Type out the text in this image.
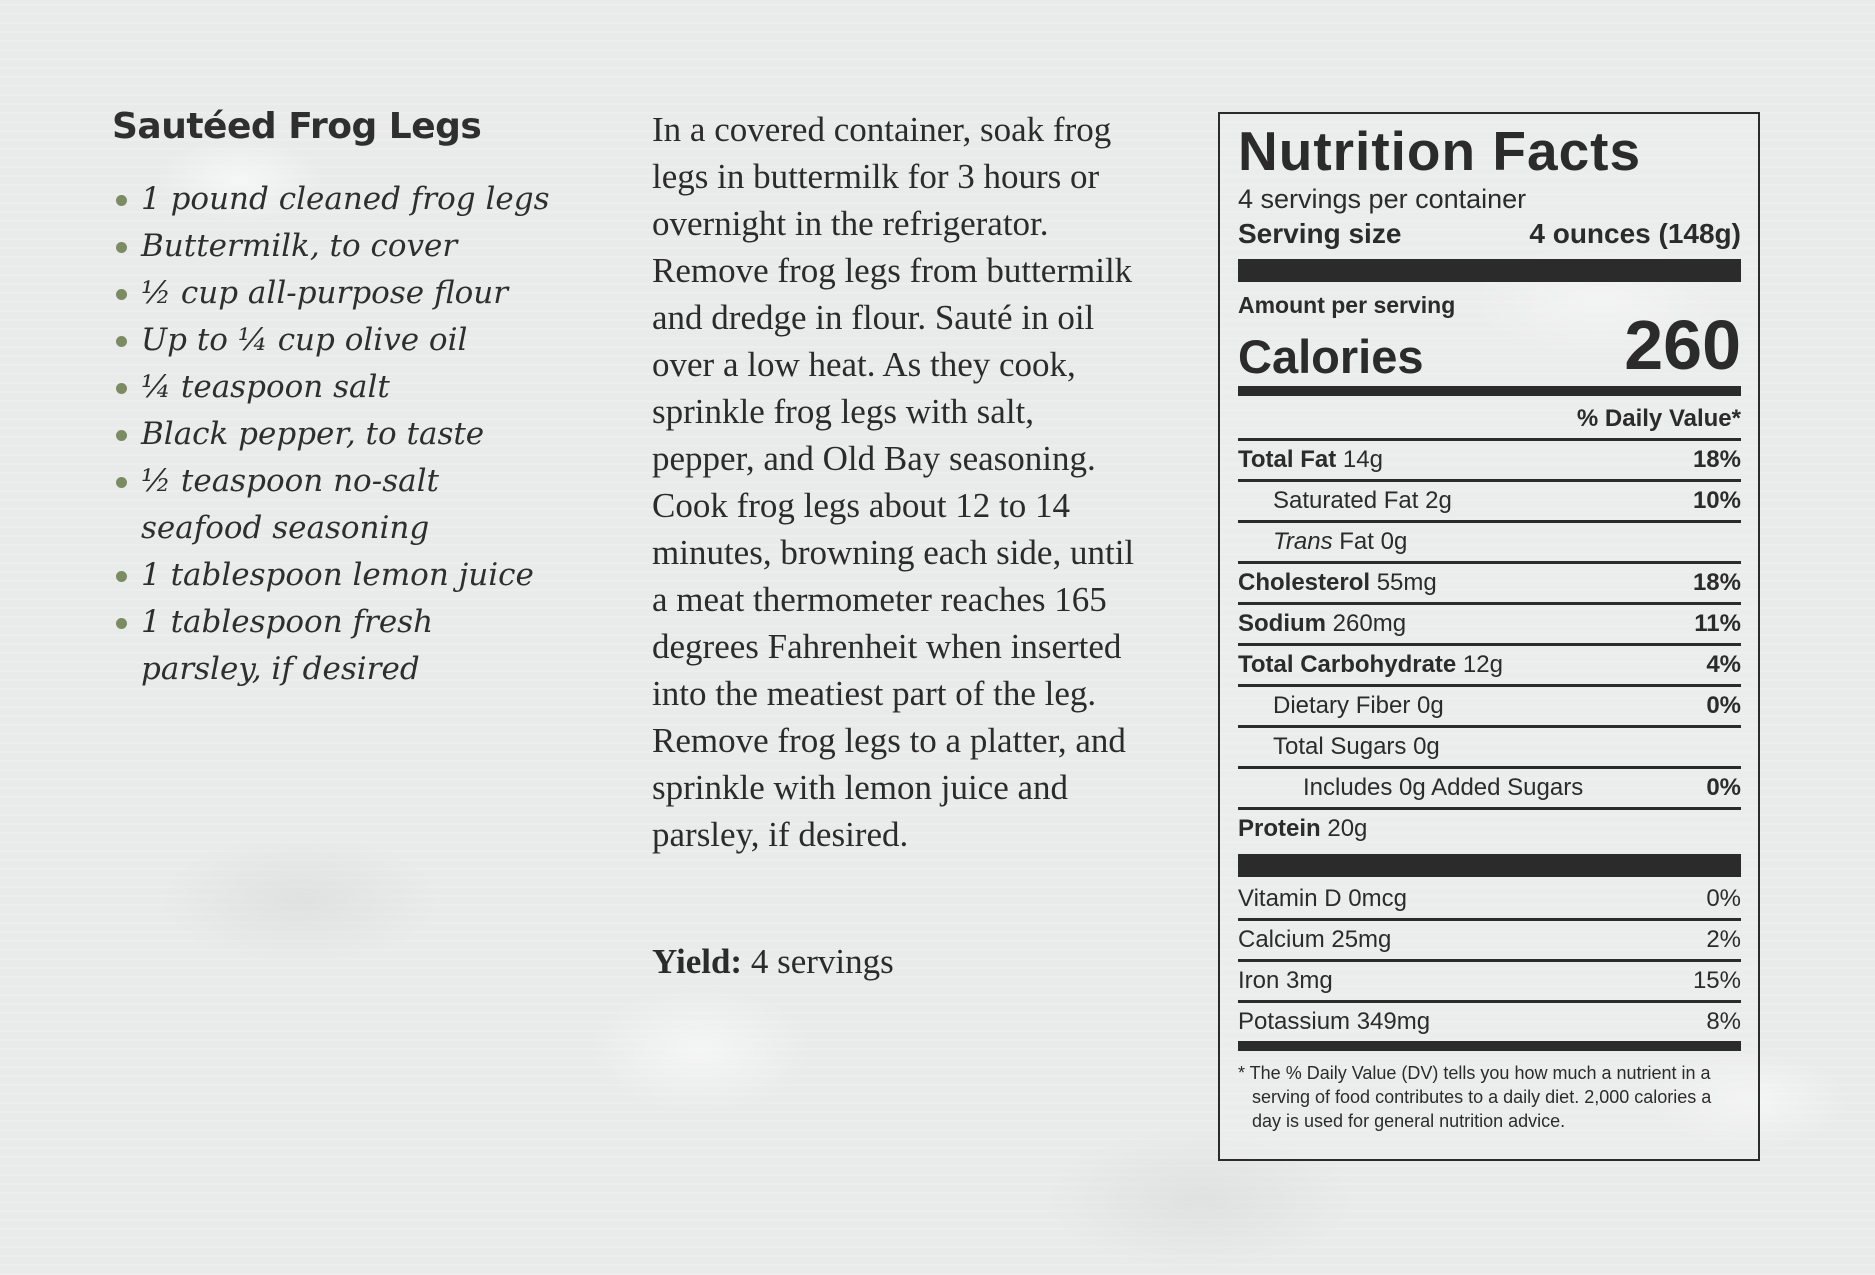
Sautéed Frog Legs
1 pound cleaned frog legs
Buttermilk, to cover
½ cup all-purpose flour
Up to ¼ cup olive oil
¼ teaspoon salt
Black pepper, to taste
½ teaspoon no-salt seafood seasoning
1 tablespoon lemon juice
1 tablespoon fresh parsley, if desired

In a covered container, soak frog legs in buttermilk for 3 hours or overnight in the refrigerator. Remove frog legs from buttermilk and dredge in flour. Sauté in oil over a low heat. As they cook, sprinkle frog legs with salt, pepper, and Old Bay seasoning. Cook frog legs about 12 to 14 minutes, browning each side, until a meat thermometer reaches 165 degrees Fahrenheit when inserted into the meatiest part of the leg. Remove frog legs to a platter, and sprinkle with lemon juice and parsley, if desired.

Yield: 4 servings

Nutrition Facts
4 servings per container
Serving size	4 ounces (148g)
Amount per serving
Calories	260
% Daily Value*
Total Fat 14g	18%
Saturated Fat 2g	10%
Trans Fat 0g
Cholesterol 55mg	18%
Sodium 260mg	11%
Total Carbohydrate 12g	4%
Dietary Fiber 0g	0%
Total Sugars 0g
Includes 0g Added Sugars	0%
Protein 20g
Vitamin D 0mcg	0%
Calcium 25mg	2%
Iron 3mg	15%
Potassium 349mg	8%
* The % Daily Value (DV) tells you how much a nutrient in a serving of food contributes to a daily diet. 2,000 calories a day is used for general nutrition advice.
